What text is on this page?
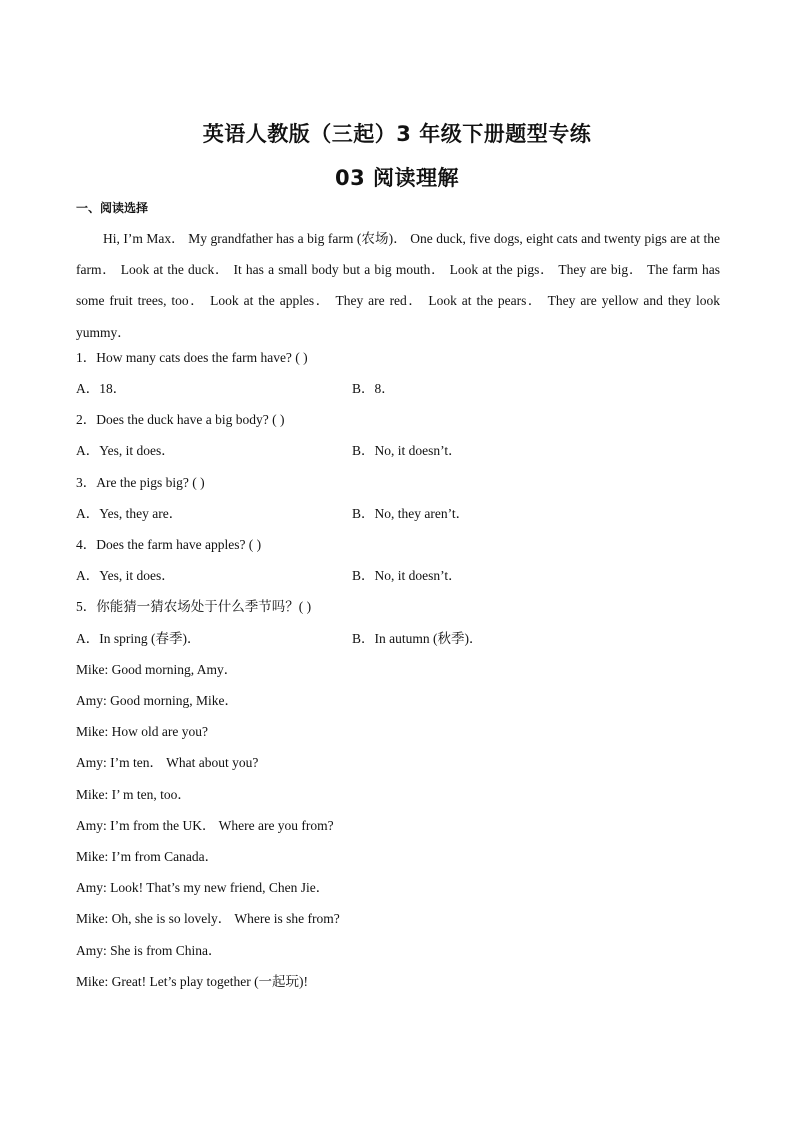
英语人教版（三起）3 年级下册题型专练
03 阅读理解
一、阅读选择

Hi, I’m Max． My grandfather has a big farm (农场)． One duck, five dogs, eight cats and twenty pigs are at the farm． Look at the duck． It has a small body but a big mouth． Look at the pigs． They are big． The farm has some fruit trees, too． Look at the apples． They are red． Look at the pears． They are yellow and they look yummy．

1．How many cats does the farm have? ( )
A．18．	B．8．
2．Does the duck have a big body? ( )
A．Yes, it does．	B．No, it doesn’t．
3．Are the pigs big? ( )
A．Yes, they are．	B．No, they aren’t．
4．Does the farm have apples? ( )
A．Yes, it does．	B．No, it doesn’t．
5．你能猜一猜农场处于什么季节吗？( )
A．In spring (春季)．	B．In autumn (秋季)．
Mike: Good morning, Amy．
Amy: Good morning, Mike．
Mike: How old are you?
Amy: I’m ten． What about you?
Mike: I’ m ten, too．
Amy: I’m from the UK． Where are you from?
Mike: I’m from Canada．
Amy: Look! That’s my new friend, Chen Jie．
Mike: Oh, she is so lovely． Where is she from?
Amy: She is from China．
Mike: Great! Let’s play together (一起玩)!
